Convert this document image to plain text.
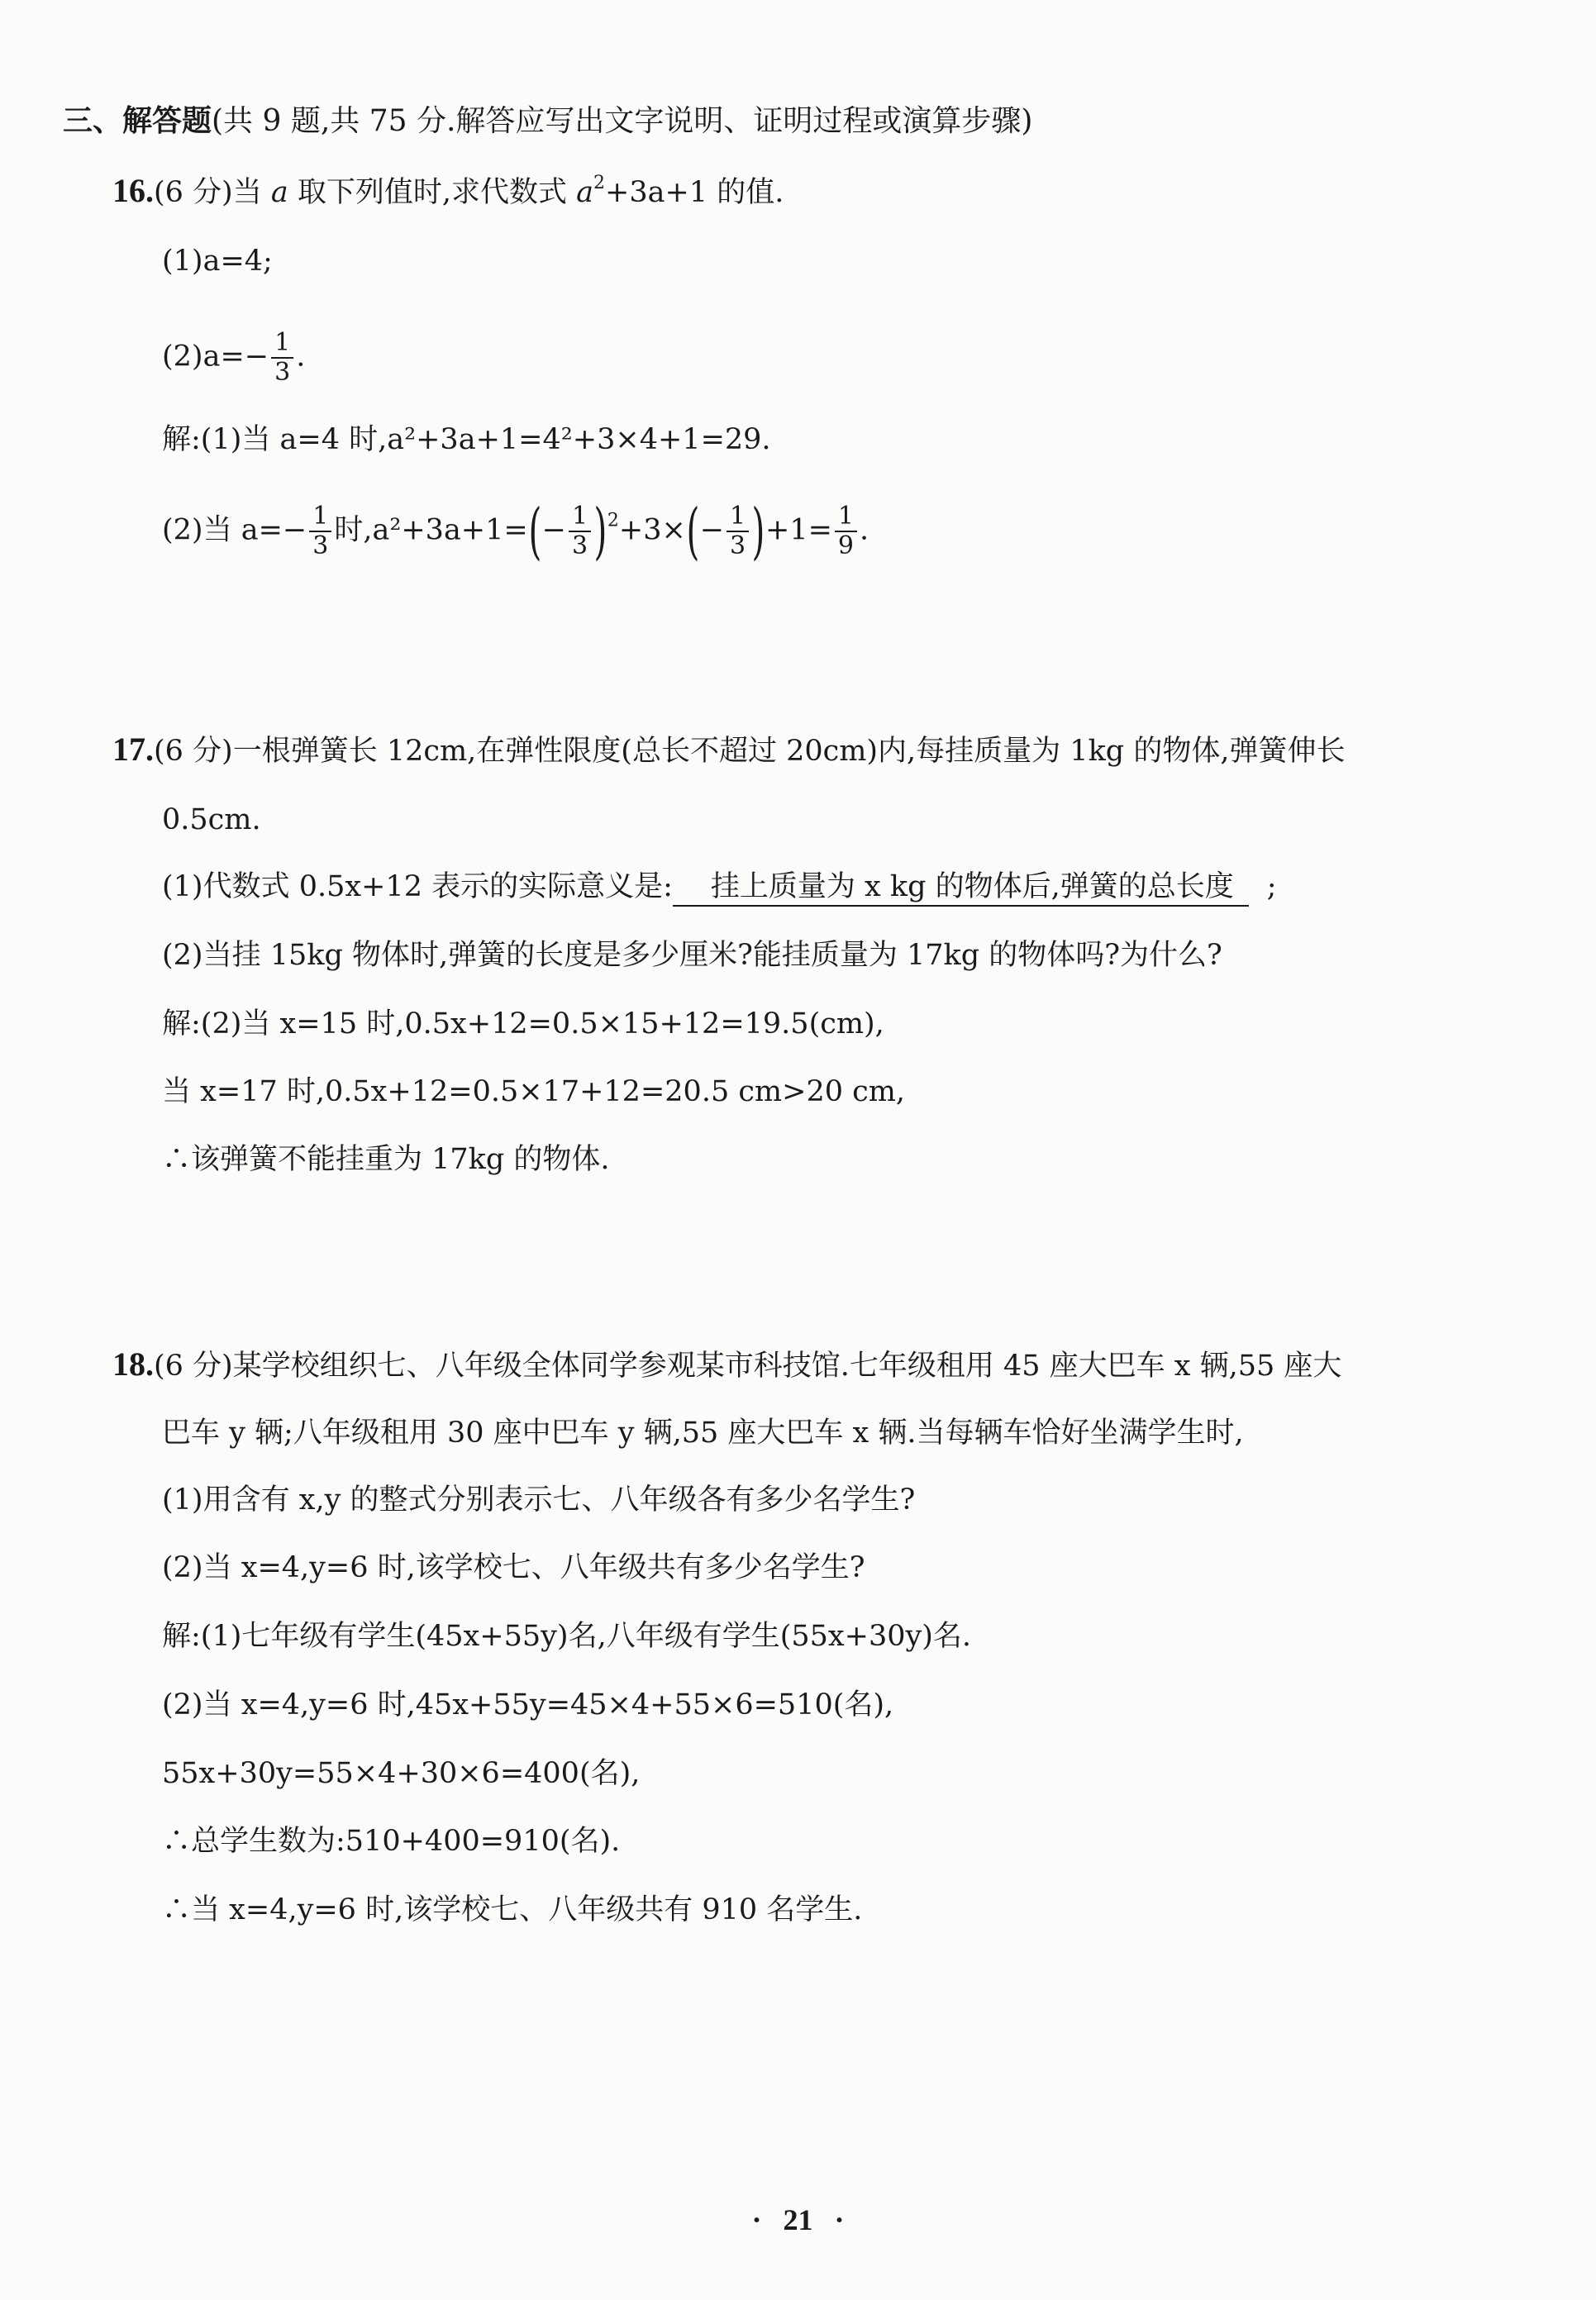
三、解答题(共 9 题,共 75 分.解答应写出文字说明、证明过程或演算步骤)
16.(6 分)当 a 取下列值时,求代数式 $a^2+3a+1$ 的值.
(1)a=4;
$(2)a=- \frac{1}{3}$ .
解:(1)当 a=4 时,a²+3a+1=4²+3×4+1=29.
(2)当 $a=- \frac{1}{3}$ 时$,a^2+3a+1=(- \frac{1}{3} )^2+3\times(- \frac{1}{3} )+1= \frac{1}{9}$ .
17.(6 分)一根弹簧长 12cm,在弹性限度(总长不超过 20cm)内,每挂质量为 1kg 的物体,弹簧伸长
0.5cm.
(1)代数式 0.5x+12 表示的实际意义是: 挂上质量为 x kg 的物体后,弹簧的总长度 ;
(2)当挂 15kg 物体时,弹簧的长度是多少厘米?能挂质量为 17kg 的物体吗?为什么?
解:(2)当 x=15 时,0.5x+12=0.5×15+12=19.5(cm),
当 x=17 时,0.5x+12=0.5×17+12=20.5 cm>20 cm,
∴该弹簧不能挂重为 17kg 的物体.
18.(6 分)某学校组织七、八年级全体同学参观某市科技馆.七年级租用 45 座大巴车 x 辆,55 座大
巴车 y 辆;八年级租用 30 座中巴车 y 辆,55 座大巴车 x 辆.当每辆车恰好坐满学生时,
(1)用含有 x,y 的整式分别表示七、八年级各有多少名学生?
(2)当 x=4,y=6 时,该学校七、八年级共有多少名学生?
解:(1)七年级有学生(45x+55y)名,八年级有学生(55x+30y)名.
(2)当 x=4,y=6 时,45x+55y=45×4+55×6=510(名),
55x+30y=55×4+30×6=400(名),
∴总学生数为:510+400=910(名).
∴当 x=4,y=6 时,该学校七、八年级共有 910 名学生.
· 21 ·
